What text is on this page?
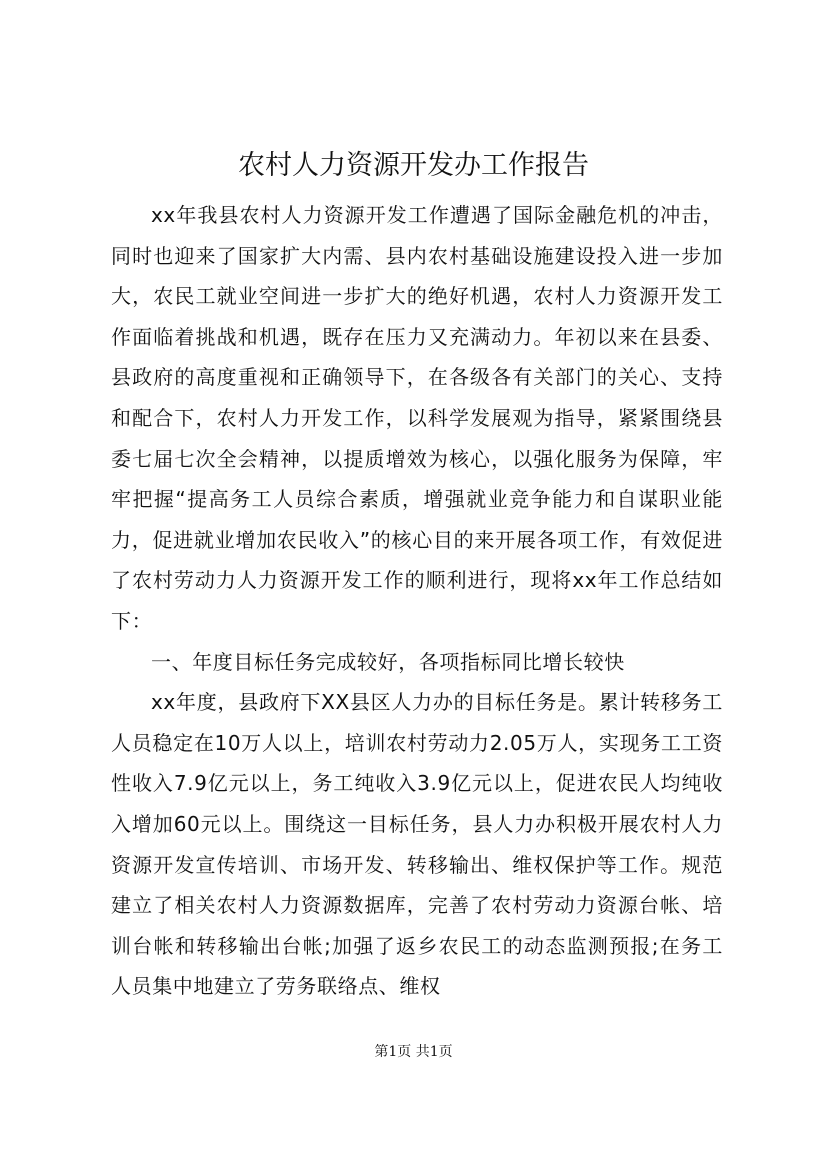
农村人力资源开发办工作报告

xx年我县农村人力资源开发工作遭遇了国际金融危机的冲击，同时也迎来了国家扩大内需、县内农村基础设施建设投入进一步加大，农民工就业空间进一步扩大的绝好机遇，农村人力资源开发工作面临着挑战和机遇，既存在压力又充满动力。年初以来在县委、县政府的高度重视和正确领导下，在各级各有关部门的关心、支持和配合下，农村人力开发工作，以科学发展观为指导，紧紧围绕县委七届七次全会精神，以提质增效为核心，以强化服务为保障，牢牢把握“提高务工人员综合素质，增强就业竞争能力和自谋职业能力，促进就业增加农民收入”的核心目的来开展各项工作，有效促进了农村劳动力人力资源开发工作的顺利进行，现将xx年工作总结如下：

一、年度目标任务完成较好，各项指标同比增长较快

xx年度，县政府下XX县区人力办的目标任务是。累计转移务工人员稳定在10万人以上，培训农村劳动力2.05万人，实现务工工资性收入7.9亿元以上，务工纯收入3.9亿元以上，促进农民人均纯收入增加60元以上。围绕这一目标任务，县人力办积极开展农村人力资源开发宣传培训、市场开发、转移输出、维权保护等工作。规范建立了相关农村人力资源数据库，完善了农村劳动力资源台帐、培训台帐和转移输出台帐;加强了返乡农民工的动态监测预报;在务工人员集中地建立了劳务联络点、维权

第1页 共1页
